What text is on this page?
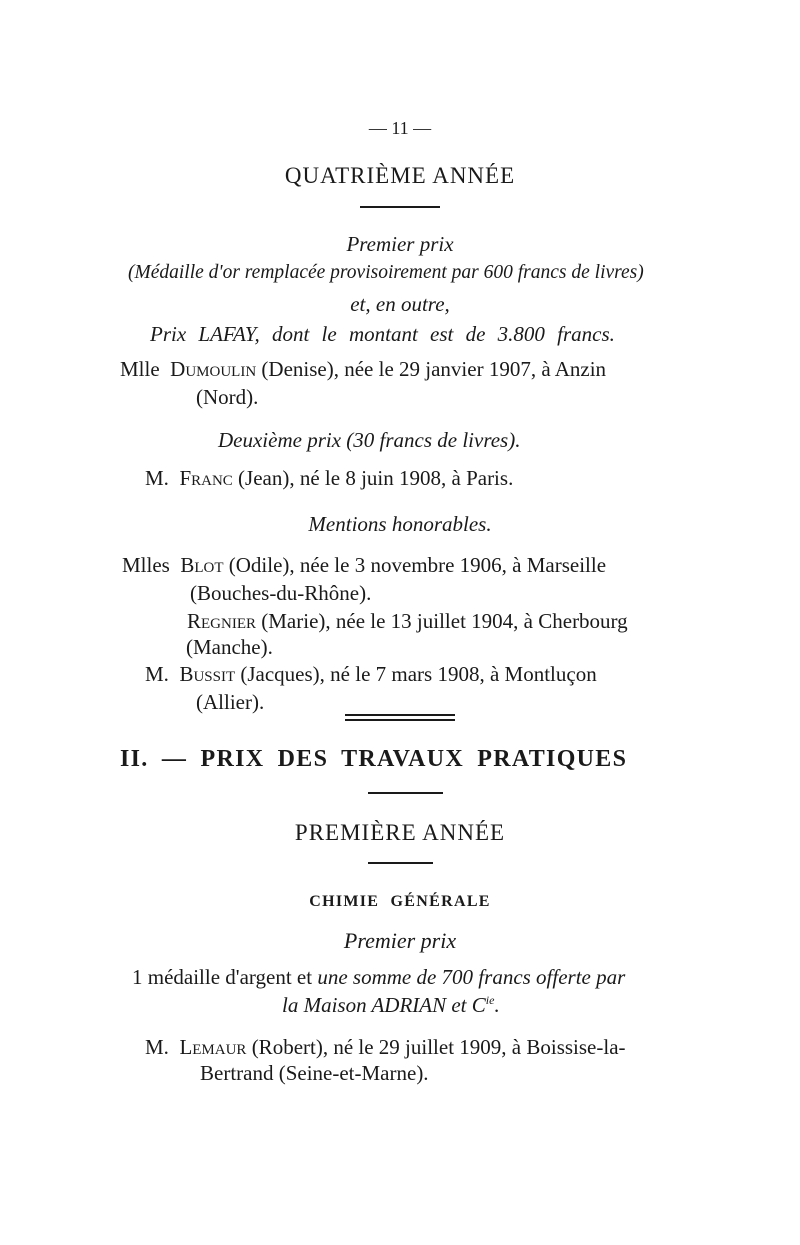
— 11 —
QUATRIÈME ANNÉE
Premier prix
(Médaille d'or remplacée provisoirement par 600 francs de livres)
et, en outre,
Prix LAFAY, dont le montant est de 3.800 francs.
Mlle Dumoulin (Denise), née le 29 janvier 1907, à Anzin
(Nord).
Deuxième prix (30 francs de livres).
M. Franc (Jean), né le 8 juin 1908, à Paris.
Mentions honorables.
Mlles Blot (Odile), née le 3 novembre 1906, à Marseille
(Bouches-du-Rhône).
Regnier (Marie), née le 13 juillet 1904, à Cherbourg
(Manche).
M. Bussit (Jacques), né le 7 mars 1908, à Montluçon
(Allier).
II. — PRIX DES TRAVAUX PRATIQUES
PREMIÈRE ANNÉE
CHIMIE GÉNÉRALE
Premier prix
1 médaille d'argent et une somme de 700 francs offerte par
la Maison ADRIAN et $C^{ie}$.
M. Lemaur (Robert), né le 29 juillet 1909, à Boissise-la-
Bertrand (Seine-et-Marne).
